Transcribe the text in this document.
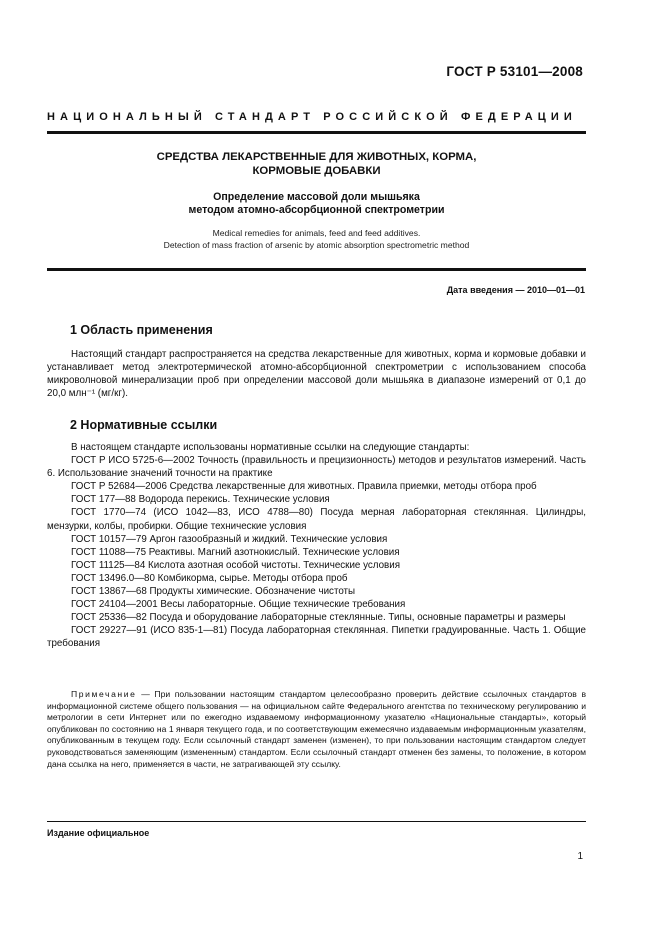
ГОСТ Р 53101—2008
НАЦИОНАЛЬНЫЙ СТАНДАРТ РОССИЙСКОЙ ФЕДЕРАЦИИ
СРЕДСТВА ЛЕКАРСТВЕННЫЕ ДЛЯ ЖИВОТНЫХ, КОРМА,
КОРМОВЫЕ ДОБАВКИ
Определение массовой доли мышьяка
методом атомно-абсорбционной спектрометрии
Medical remedies for animals, feed and feed additives.
Detection of mass fraction of arsenic by atomic absorption spectrometric method
Дата введения — 2010—01—01
1 Область применения
Настоящий стандарт распространяется на средства лекарственные для животных, корма и кормовые добавки и устанавливает метод электротермической атомно-абсорбционной спектрометрии с использованием способа микроволновой минерализации проб при определении массовой доли мышьяка в диапазоне измерений от 0,1 до 20,0 млн⁻¹ (мг/кг).
2 Нормативные ссылки
В настоящем стандарте использованы нормативные ссылки на следующие стандарты:
ГОСТ Р ИСО 5725-6—2002 Точность (правильность и прецизионность) методов и результатов измерений. Часть 6. Использование значений точности на практике
ГОСТ Р 52684—2006 Средства лекарственные для животных. Правила приемки, методы отбора проб
ГОСТ 177—88 Водорода перекись. Технические условия
ГОСТ 1770—74 (ИСО 1042—83, ИСО 4788—80) Посуда мерная лабораторная стеклянная. Цилиндры, мензурки, колбы, пробирки. Общие технические условия
ГОСТ 10157—79 Аргон газообразный и жидкий. Технические условия
ГОСТ 11088—75 Реактивы. Магний азотнокислый. Технические условия
ГОСТ 11125—84 Кислота азотная особой чистоты. Технические условия
ГОСТ 13496.0—80 Комбикорма, сырье. Методы отбора проб
ГОСТ 13867—68 Продукты химические. Обозначение чистоты
ГОСТ 24104—2001 Весы лабораторные. Общие технические требования
ГОСТ 25336—82 Посуда и оборудование лабораторные стеклянные. Типы, основные параметры и размеры
ГОСТ 29227—91 (ИСО 835-1—81) Посуда лабораторная стеклянная. Пипетки градуированные. Часть 1. Общие требования
Примечание — При пользовании настоящим стандартом целесообразно проверить действие ссылочных стандартов в информационной системе общего пользования — на официальном сайте Федерального агентства по техническому регулированию и метрологии в сети Интернет или по ежегодно издаваемому информационному указателю «Национальные стандарты», который опубликован по состоянию на 1 января текущего года, и по соответствующим ежемесячно издаваемым информационным указателям, опубликованным в текущем году. Если ссылочный стандарт заменен (изменен), то при пользовании настоящим стандартом следует руководствоваться заменяющим (измененным) стандартом. Если ссылочный стандарт отменен без замены, то положение, в котором дана ссылка на него, применяется в части, не затрагивающей эту ссылку.
Издание официальное
1
